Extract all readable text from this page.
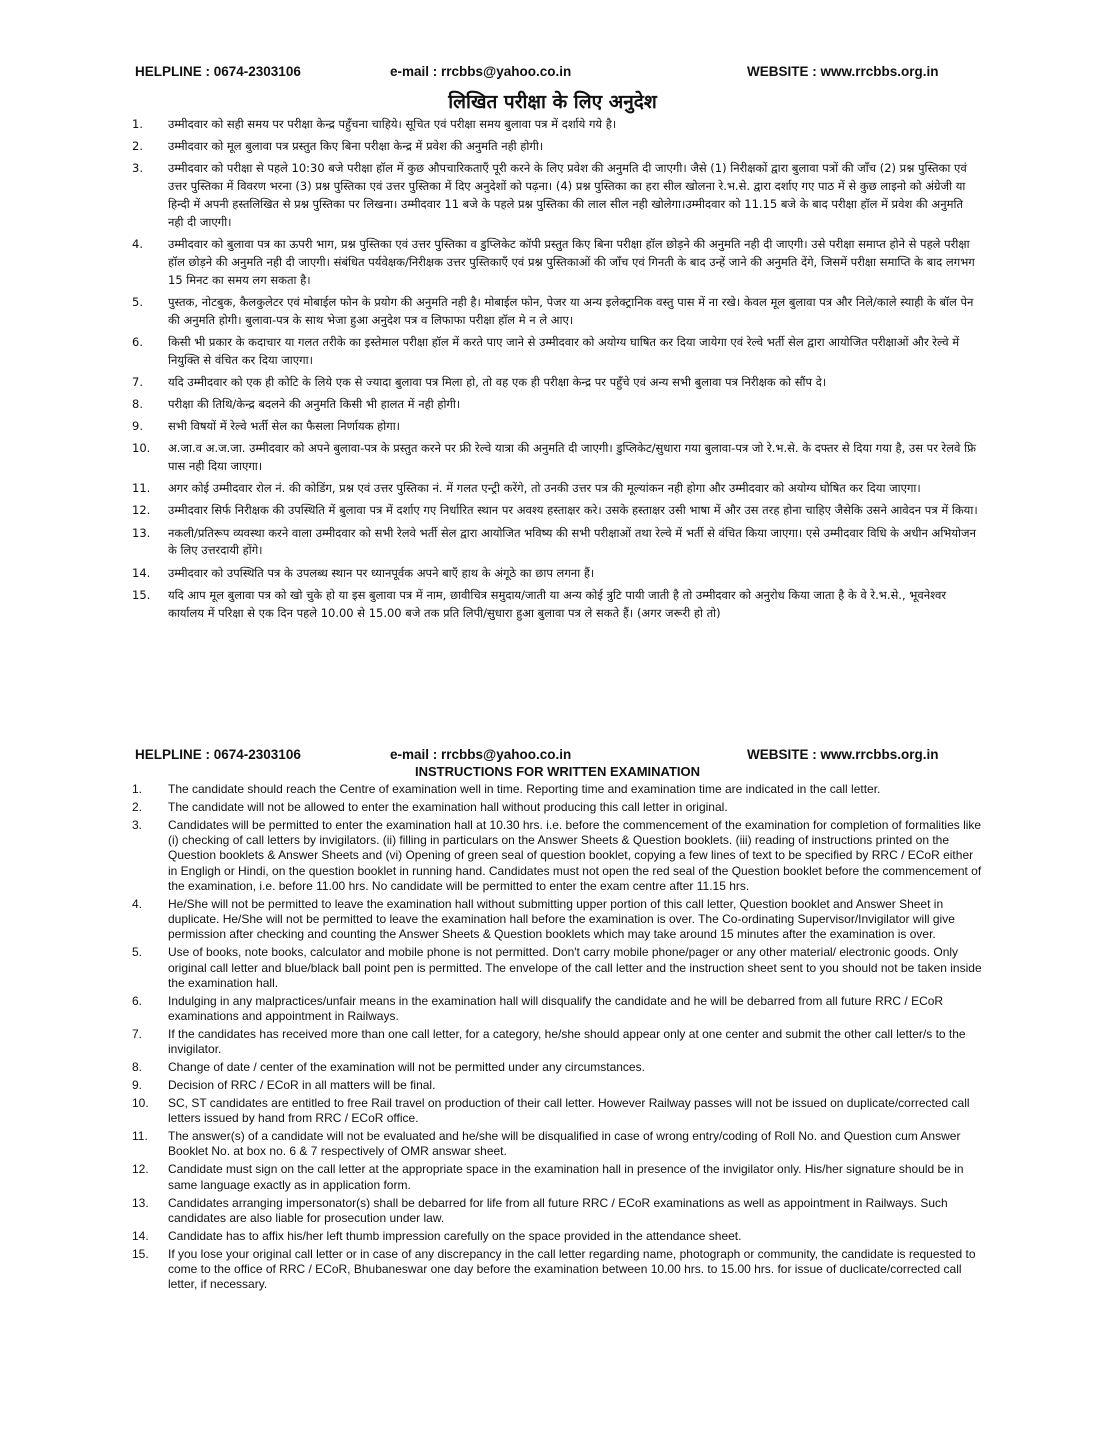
HELPLINE : 0674-2303106	e-mail : rrcbbs@yahoo.co.in	WEBSITE : www.rrcbbs.org.in
लिखित परीक्षा के लिए अनुदेश
1. उम्मीदवार को सही समय पर परीक्षा केन्द्र पहुँचना चाहिये। सूचित एवं परीक्षा समय बुलावा पत्र में दर्शाये गये है।
2. उम्मीदवार को मूल बुलावा पत्र प्रस्तुत किए बिना परीक्षा केन्द्र में प्रवेश की अनुमति नही होगी।
3. उम्मीदवार को परीक्षा से पहले 10:30 बजे परीक्षा हॉल में कुछ औपचारिकताएँ पूरी करने के लिए प्रवेश की अनुमति दी जाएगी। जैसे (1) निरीक्षकों द्वारा बुलावा पत्रों की जाँच (2) प्रश्न पुस्तिका एवं उत्तर पुस्तिका में विवरण भरना (3) प्रश्न पुस्तिका एवं उत्तर पुस्तिका में दिए अनुदेशों को पढ़ना। (4) प्रश्न पुस्तिका का हरा सील खोलना रे.भ.से. द्वारा दर्शाए गए पाठ में से कुछ लाइनो को अंग्रेजी या हिन्दी में अपनी हस्तलिखित से प्रश्न पुस्तिका पर लिखना। उम्मीदवार 11 बजे के पहले प्रश्न पुस्तिका की लाल सील नही खोलेगा।उम्मीदवार को 11.15 बजे के बाद परीक्षा हॉल में प्रवेश की अनुमति नही दी जाएगी।
4. उम्मीदवार को बुलावा पत्र का ऊपरी भाग, प्रश्न पुस्तिका एवं उत्तर पुस्तिका व डुप्लिकेट कॉपी प्रस्तुत किए बिना परीक्षा हॉल छोड़ने की अनुमति नही दी जाएगी। उसे परीक्षा समाप्त होने से पहले परीक्षा हॉल छोड़ने की अनुमति नही दी जाएगी। संबंधित पर्यवेक्षक/निरीक्षक उत्तर पुस्तिकाएँ एवं प्रश्न पुस्तिकाओं की जाँच एवं गिनती के बाद उन्हें जाने की अनुमति देंगे, जिसमें परीक्षा समाप्ति के बाद लगभग 15 मिनट का समय लग सकता है।
5. पुस्तक, नोटबुक, कैलकुलेटर एवं मोबाईल फोन के प्रयोग की अनुमति नही है। मोबाईल फोन, पेजर या अन्य इलेक्ट्रानिक वस्तु पास में ना रखे। केवल मूल बुलावा पत्र और निले/काले स्याही के बॉल पेन की अनुमति होगी। बुलावा-पत्र के साथ भेजा हुआ अनुदेश पत्र व लिफाफा परीक्षा हॉल मे न ले आए।
6. किसी भी प्रकार के कदाचार या गलत तरीके का इस्तेमाल परीक्षा हॉल में करते पाए जाने से उम्मीदवार को अयोग्य घाषित कर दिया जायेगा एवं रेल्वे भर्ती सेल द्वारा आयोजित परीक्षाओं और रेल्वे में नियुक्ति से वंचित कर दिया जाएगा।
7. यदि उम्मीदवार को एक ही कोटि के लिये एक से ज्यादा बुलावा पत्र मिला हो, तो वह एक ही परीक्षा केन्द्र पर पहुँचे एवं अन्य सभी बुलावा पत्र निरीक्षक को सौंप दे।
8. परीक्षा की तिथि/केन्द्र बदलने की अनुमति किसी भी हालत में नही होगी।
9. सभी विषयों में रेल्वे भर्ती सेल का फैसला निर्णायक होगा।
10. अ.जा.व अ.ज.जा. उम्मीदवार को अपने बुलावा-पत्र के प्रस्तुत करने पर फ्री रेल्वे यात्रा की अनुमति दी जाएगी। डुप्लिकेट/सुधारा गया बुलावा-पत्र जो रे.भ.से. के दफ्तर से दिया गया है, उस पर रेलवे फ्रि पास नही दिया जाएगा।
11. अगर कोई उम्मीदवार रोल नं. की कोडिंग, प्रश्न एवं उत्तर पुस्तिका नं. में गलत एन्ट्री करेंगे, तो उनकी उत्तर पत्र की मूल्यांकन नही होगा और उम्मीदवार को अयोग्य घोषित कर दिया जाएगा।
12. उम्मीदवार सिर्फ निरीक्षक की उपस्थिति में बुलावा पत्र में दर्शाए गए निर्धारित स्थान पर अवश्य हस्ताक्षर करे। उसके हस्ताक्षर उसी भाषा में और उस तरह होना चाहिए जैसेकि उसने आवेदन पत्र में किया।
13. नकली/प्रतिरूप व्यवस्था करने वाला उम्मीदवार को सभी रेलवे भर्ती सेल द्वारा आयोजित भविष्य की सभी परीक्षाओं तथा रेल्वे में भर्ती से वंचित किया जाएगा। एसे उम्मीदवार विधि के अधीन अभियोजन के लिए उत्तरदायी होंगे।
14. उम्मीदवार को उपस्थिति पत्र के उपलब्ध स्थान पर ध्यानपूर्वक अपने बाएँ हाथ के अंगूठे का छाप लगना हैं।
15. यदि आप मूल बुलावा पत्र को खो चुके हो या इस बुलावा पत्र में नाम, छावीचित्र समुदाय/जाती या अन्य कोई त्रुटि पायी जाती है तो उम्मीदवार को अनुरोध किया जाता है के वे रे.भ.से., भूवनेश्वर कार्यालय में परिक्षा से एक दिन पहले 10.00 से 15.00 बजे तक प्रति लिपी/सुधारा हुआ बुलावा पत्र ले सकते हैं। (अगर जरूरी हो तो)
HELPLINE : 0674-2303106	e-mail : rrcbbs@yahoo.co.in	WEBSITE : www.rrcbbs.org.in
INSTRUCTIONS FOR WRITTEN EXAMINATION
1. The candidate should reach the Centre of examination well in time. Reporting time and examination time are indicated in the call letter.
2. The candidate will not be allowed to enter the examination hall without producing this call letter in original.
3. Candidates will be permitted to enter the examination hall at 10.30 hrs. i.e. before the commencement of the examination for completion of formalities like (i) checking of call letters by invigilators. (ii) filling in particulars on the Answer Sheets & Question booklets. (iii) reading of instructions printed on the Question booklets & Answer Sheets and (vi) Opening of green seal of question booklet, copying a few lines of text to be specified by RRC / ECoR either in Engligh or Hindi, on the question booklet in running hand. Candidates must not open the red seal of the Question booklet before the commencement of the examination, i.e. before 11.00 hrs. No candidate will be permitted to enter the exam centre after 11.15 hrs.
4. He/She will not be permitted to leave the examination hall without submitting upper portion of this call letter, Question booklet and Answer Sheet in duplicate. He/She will not be permitted to leave the examination hall before the examination is over. The Co-ordinating Supervisor/Invigilator will give permission after checking and counting the Answer Sheets & Question booklets which may take around 15 minutes after the examination is over.
5. Use of books, note books, calculator and mobile phone is not permitted. Don't carry mobile phone/pager or any other material/ electronic goods. Only original call letter and blue/black ball point pen is permitted. The envelope of the call letter and the instruction sheet sent to you should not be taken inside the examination hall.
6. Indulging in any malpractices/unfair means in the examination hall will disqualify the candidate and he will be debarred from all future RRC / ECoR examinations and appointment in Railways.
7. If the candidates has received more than one call letter, for a category, he/she should appear only at one center and submit the other call letter/s to the invigilator.
8. Change of date / center of the examination will not be permitted under any circumstances.
9. Decision of RRC / ECoR in all matters will be final.
10. SC, ST candidates are entitled to free Rail travel on production of their call letter. However Railway passes will not be issued on duplicate/corrected call letters issued by hand from RRC / ECoR office.
11. The answer(s) of a candidate will not be evaluated and he/she will be disqualified in case of wrong entry/coding of Roll No. and Question cum Answer Booklet No. at box no. 6 & 7 respectively of OMR answar sheet.
12. Candidate must sign on the call letter at the appropriate space in the examination hall in presence of the invigilator only. His/her signature should be in same language exactly as in application form.
13. Candidates arranging impersonator(s) shall be debarred for life from all future RRC / ECoR examinations as well as appointment in Railways. Such candidates are also liable for prosecution under law.
14. Candidate has to affix his/her left thumb impression carefully on the space provided in the attendance sheet.
15. If you lose your original call letter or in case of any discrepancy in the call letter regarding name, photograph or community, the candidate is requested to come to the office of RRC / ECoR, Bhubaneswar one day before the examination between 10.00 hrs. to 15.00 hrs. for issue of duclicate/corrected call letter, if necessary.
